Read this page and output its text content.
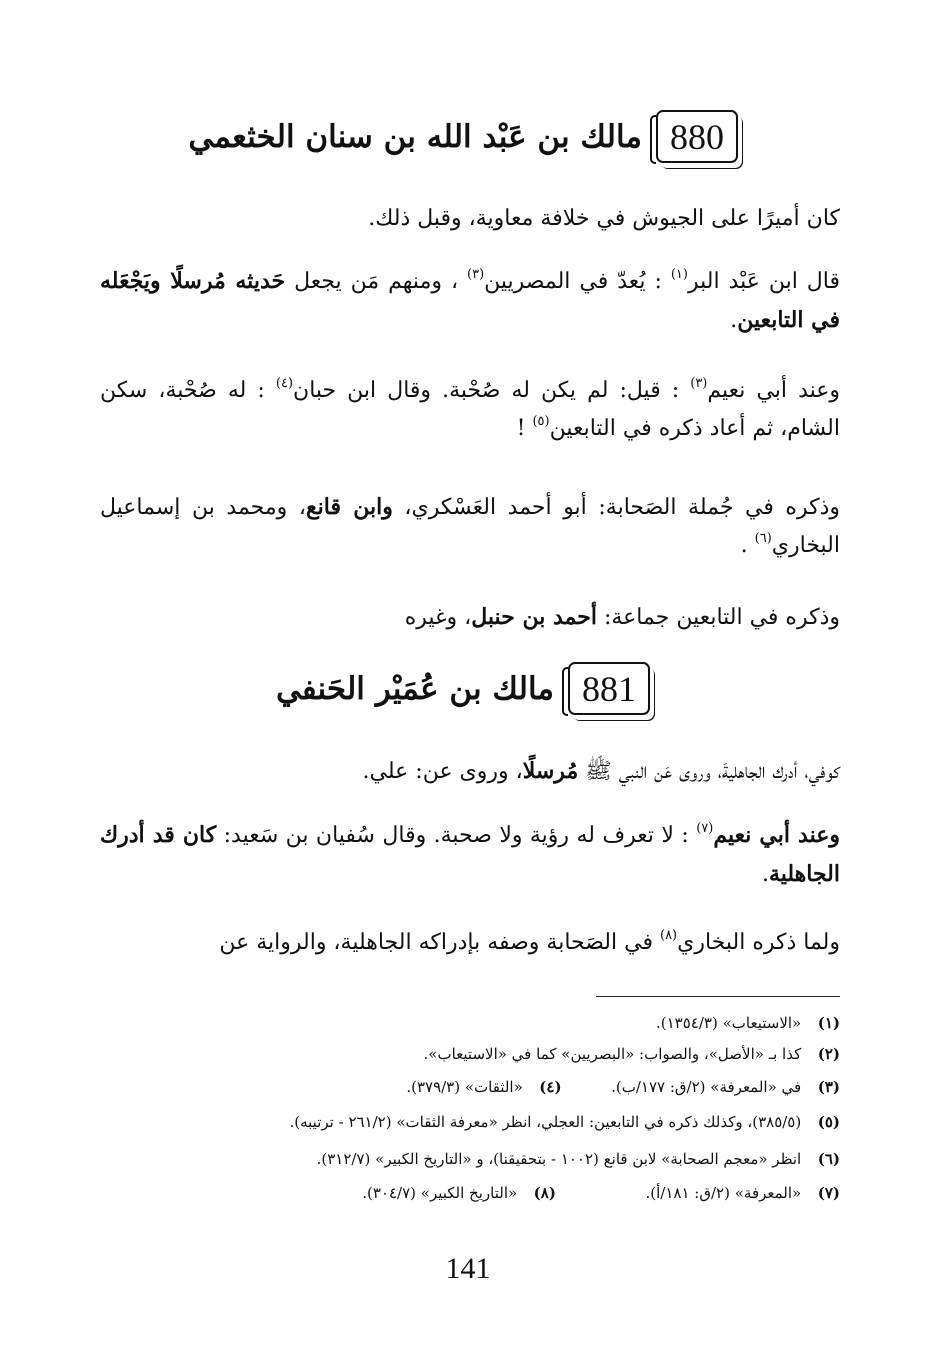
880
مالك بن عَبْد الله بن سنان الخثعمي
كان أميرًا على الجيوش في خلافة معاوية، وقبل ذلك.
قال ابن عَبْد البر$^{(١)}$ : يُعدّ في المصريين$^{(٣)}$ ، ومنهم مَن يجعل حَديثه مُرسلًا ويَجْعَله في التابعين.
وعند أبي نعيم$^{(٣)}$ : قيل: لم يكن له صُحْبة. وقال ابن حبان$^{(٤)}$ : له صُحْبة، سكن الشام، ثم أعاد ذكره في التابعين$^{(٥)}$ !
وذكره في جُملة الصَحابة: أبو أحمد العَسْكري، وابن قانع، ومحمد بن إسماعيل البخاري$^{(٦)}$ .
وذكره في التابعين جماعة: أحمد بن حنبل، وغيره
881
مالك بن عُمَيْر الحَنفي
كوفي، أدرك الجاهليةَ، وروى عَن النبي ﷺ مُرسلًا، وروى عن: علي.
وعند أبي نعيم$^{(٧)}$ : لا تعرف له رؤية ولا صحبة. وقال سُفيان بن سَعيد: كان قد أدرك الجاهلية.
ولما ذكره البخاري$^{(٨)}$ في الصَحابة وصفه بإدراكه الجاهلية، والرواية عن
(١) «الاستيعاب» (١٣٥٤/٣).
(٢) كذا بـ «الأصل»، والصواب: «البصريين» كما في «الاستيعاب».
(٣) في «المعرفة» (٢/ق: ١٧٧/ب).  (٤) «الثقات» (٣٧٩/٣).
(٥) (٣٨٥/٥)، وكذلك ذكره في التابعين: العجلي، انظر «معرفة الثقات» (٢٦١/٢ - ترتيبه).
(٦) انظر «معجم الصحابة» لابن قانع (١٠٠٢ - بتحقيقنا)، و «التاريخ الكبير» (٣١٢/٧).
(٧) «المعرفة» (٢/ق: ١٨١/أ).  (٨) «التاريخ الكبير» (٣٠٤/٧).
141
